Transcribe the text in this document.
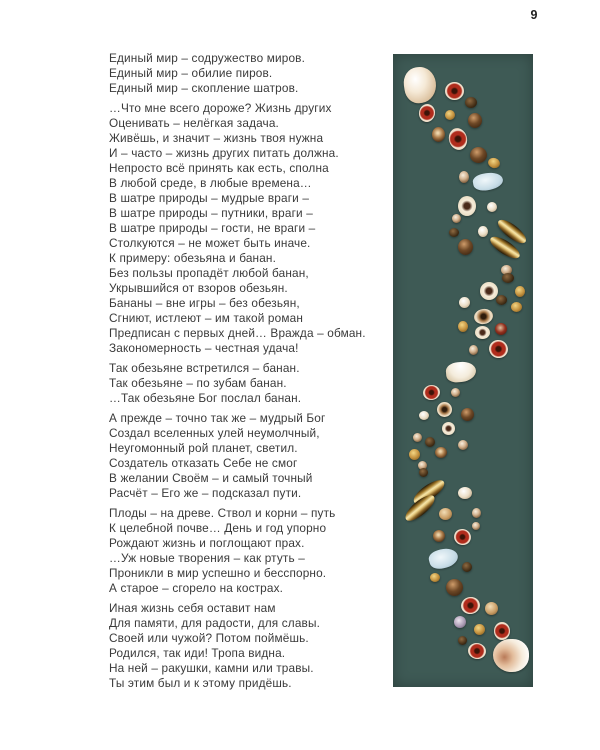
9
Единый мир – содружество миров.
Единый мир – обилие пиров.
Единый мир – скопление шатров.
…Что мне всего дороже? Жизнь других
Оценивать – нелёгкая задача.
Живёшь, и значит – жизнь твоя нужна
И – часто – жизнь других питать должна.
Непросто всё принять как есть, сполна
В любой среде, в любые времена…
В шатре природы – мудрые враги –
В шатре природы – путники, враги –
В шатре природы – гости, не враги –
Столкуются – не может быть иначе.
К примеру: обезьяна и банан.
Без пользы пропадёт любой банан,
Укрывшийся от взоров обезьян.
Бананы – вне игры – без обезьян,
Сгниют, истлеют – им такой роман
Предписан с первых дней… Вражда – обман.
Закономерность – честная удача!
Так обезьяне встретился – банан.
Так обезьяне – по зубам банан.
…Так обезьяне Бог послал банан.
А прежде – точно так же – мудрый Бог
Создал вселенных улей неумолчный,
Неугомонный рой планет, светил.
Создатель отказать Себе не смог
В желании Своём – и самый точный
Расчёт – Его же – подсказал пути.
Плоды – на древе. Ствол и корни – путь
К целебной почве… День и год упорно
Рождают жизнь и поглощают прах.
…Уж новые творения – как ртуть –
Проникли в мир успешно и бесспорно.
А старое – сгорело на кострах.
Иная жизнь себя оставит нам
Для памяти, для радости, для славы.
Своей или чужой? Потом поймёшь.
Родился, так иди! Тропа видна.
На ней – ракушки, камни или травы.
Ты этим был и к этому придёшь.
